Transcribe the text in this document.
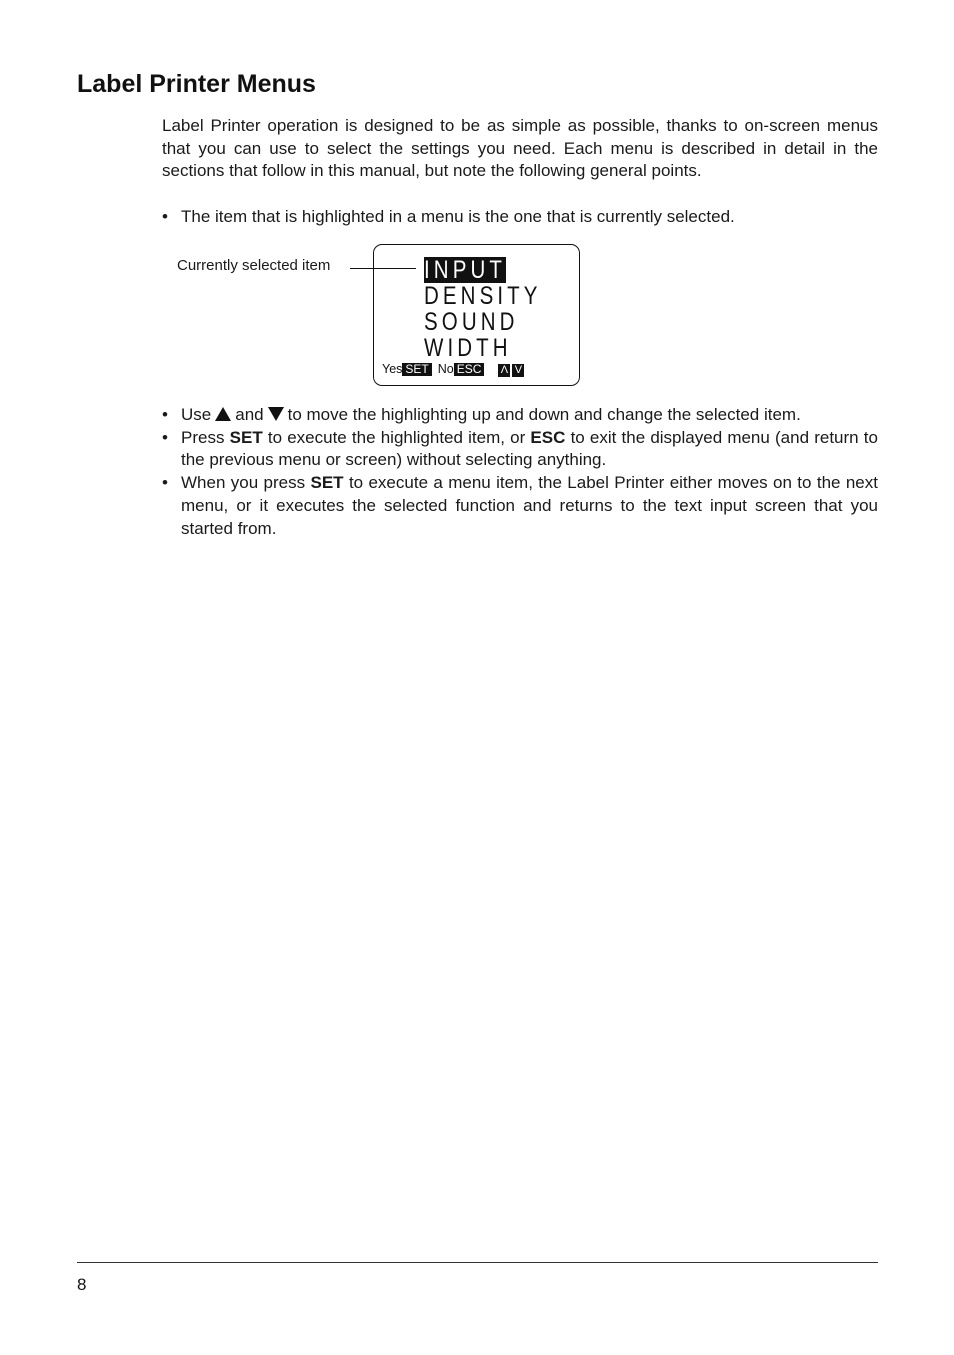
Label Printer Menus

Label Printer operation is designed to be as simple as possible, thanks to on-screen menus that you can use to select the settings you need. Each menu is described in detail in the sections that follow in this manual, but note the following general points.

• The item that is highlighted in a menu is the one that is currently selected.
Currently selected item	INPUT
DENSITY
SOUND
WIDTH
Yes SET No ESC Λ V
• Use and to move the highlighting up and down and change the selected item.
• Press SET to execute the highlighted item, or ESC to exit the displayed menu (and return to the previous menu or screen) without selecting anything.
• When you press SET to execute a menu item, the Label Printer either moves on to the next menu, or it executes the selected function and returns to the text input screen that you started from.
8
